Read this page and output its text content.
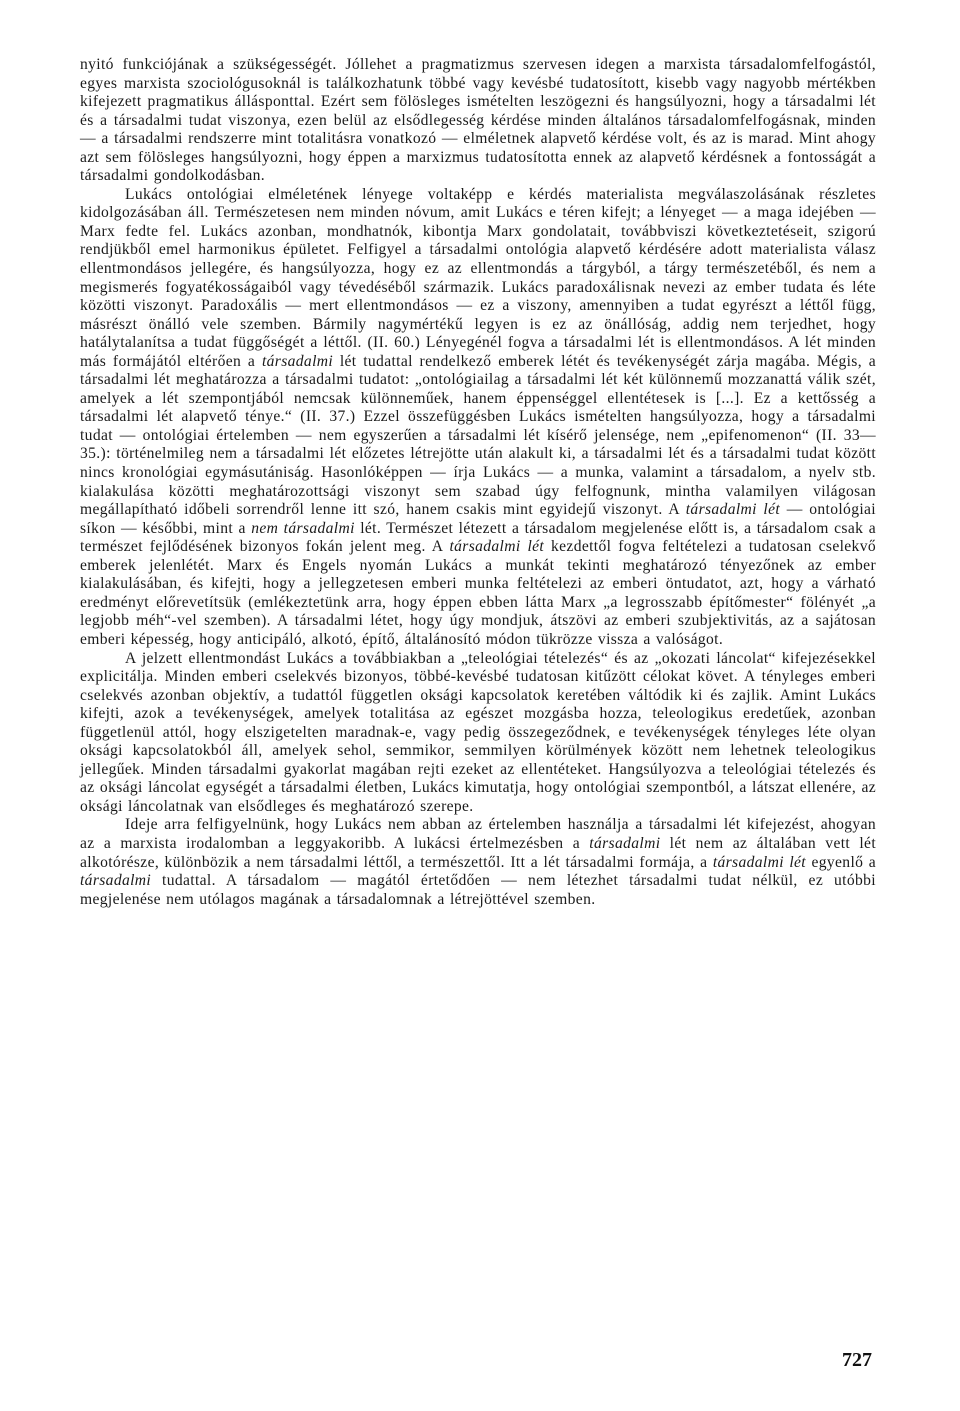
nyitó funkciójának a szükségességét. Jóllehet a pragmatizmus szervesen idegen a marxista társadalomfelfogástól, egyes marxista szociológusoknál is találkozhatunk többé vagy kevésbé tudatosított, kisebb vagy nagyobb mértékben kifejezett pragmatikus állásponttal. Ezért sem fölösleges ismételten leszögezni és hangsúlyozni, hogy a társadalmi lét és a társadalmi tudat viszonya, ezen belül az elsődlegesség kérdése minden általános társadalomfelfogásnak, minden — a társadalmi rendszerre mint totalitásra vonatkozó — elméletnek alapvető kérdése volt, és az is marad. Mint ahogy azt sem fölösleges hangsúlyozni, hogy éppen a marxizmus tudatosította ennek az alapvető kérdésnek a fontosságát a társadalmi gondolkodásban.

Lukács ontológiai elméletének lényege voltaképp e kérdés materialista megválaszolásának részletes kidolgozásában áll. Természetesen nem minden nóvum, amit Lukács e téren kifejt; a lényeget — a maga idejében — Marx fedte fel. Lukács azonban, mondhatnók, kibontja Marx gondolatait, továbbviszi következtetéseit, szigorú rendjükből emel harmonikus épületet. Felfigyel a társadalmi ontológia alapvető kérdésére adott materialista válasz ellentmondásos jellegére, és hangsúlyozza, hogy ez az ellentmondás a tárgyból, a tárgy természetéből, és nem a megismerés fogyatékosságaiból vagy tévedéséből származik. Lukács paradoxálisnak nevezi az ember tudata és léte közötti viszonyt. Paradoxális — mert ellentmondásos — ez a viszony, amennyiben a tudat egyrészt a léttől függ, másrészt önálló vele szemben. Bármily nagymértékű legyen is ez az önállóság, addig nem terjedhet, hogy hatálytalanítsa a tudat függőségét a léttől. (II. 60.) Lényegénél fogva a társadalmi lét is ellentmondásos. A lét minden más formájától eltérően a társadalmi lét tudattal rendelkező emberek létét és tevékenységét zárja magába. Mégis, a társadalmi lét meghatározza a társadalmi tudatot: „ontológiailag a társadalmi lét két különnemű mozzanattá válik szét, amelyek a lét szempontjából nemcsak különneműek, hanem éppenséggel ellentétesek is [...]. Ez a kettősség a társadalmi lét alapvető ténye.“ (II. 37.) Ezzel összefüggésben Lukács ismételten hangsúlyozza, hogy a társadalmi tudat — ontológiai értelemben — nem egyszerűen a társadalmi lét kísérő jelensége, nem „epifenomenon“ (II. 33—35.): történelmileg nem a társadalmi lét előzetes létrejötte után alakult ki, a társadalmi lét és a társadalmi tudat között nincs kronológiai egymásutániság. Hasonlóképpen — írja Lukács — a munka, valamint a társadalom, a nyelv stb. kialakulása közötti meghatározottsági viszonyt sem szabad úgy felfognunk, mintha valamilyen világosan megállapítható időbeli sorrendről lenne itt szó, hanem csakis mint egyidejű viszonyt. A társadalmi lét — ontológiai síkon — későbbi, mint a nem társadalmi lét. Természet létezett a társadalom megjelenése előtt is, a társadalom csak a természet fejlődésének bizonyos fokán jelent meg. A társadalmi lét kezdettől fogva feltételezi a tudatosan cselekvő emberek jelenlétét. Marx és Engels nyomán Lukács a munkát tekinti meghatározó tényezőnek az ember kialakulásában, és kifejti, hogy a jellegzetesen emberi munka feltételezi az emberi öntudatot, azt, hogy a várható eredményt előrevetítsük (emlékeztetünk arra, hogy éppen ebben látta Marx „a legrosszabb építőmester“ fölényét „a legjobb méh“-vel szemben). A társadalmi létet, hogy úgy mondjuk, átszövi az emberi szubjektivitás, az a sajátosan emberi képesség, hogy anticipáló, alkotó, építő, általánosító módon tükrözze vissza a valóságot.

A jelzett ellentmondást Lukács a továbbiakban a „teleológiai tételezés“ és az „okozati láncolat“ kifejezésekkel explicitálja. Minden emberi cselekvés bizonyos, többé-kevésbé tudatosan kitűzött célokat követ. A tényleges emberi cselekvés azonban objektív, a tudattól független oksági kapcsolatok keretében váltódik ki és zajlik. Amint Lukács kifejti, azok a tevékenységek, amelyek totalitása az egészet mozgásba hozza, teleologikus eredetűek, azonban függetlenül attól, hogy elszigetelten maradnak-e, vagy pedig összegeződnek, e tevékenységek tényleges léte olyan oksági kapcsolatokból áll, amelyek sehol, semmikor, semmilyen körülmények között nem lehetnek teleologikus jellegűek. Minden társadalmi gyakorlat magában rejti ezeket az ellentéteket. Hangsúlyozva a teleológiai tételezés és az oksági láncolat egységét a társadalmi életben, Lukács kimutatja, hogy ontológiai szempontból, a látszat ellenére, az oksági láncolatnak van elsődleges és meghatározó szerepe.

Ideje arra felfigyelnünk, hogy Lukács nem abban az értelemben használja a társadalmi lét kifejezést, ahogyan az a marxista irodalomban a leggyakoribb. A lukácsi értelmezésben a társadalmi lét nem az általában vett lét alkotórésze, különbözik a nem társadalmi léttől, a természettől. Itt a lét társadalmi formája, a társadalmi lét egyenlő a társadalmi tudattal. A társadalom — magától értetődően — nem létezhet társadalmi tudat nélkül, ez utóbbi megjelenése nem utólagos magának a társadalomnak a létrejöttével szemben.

727
